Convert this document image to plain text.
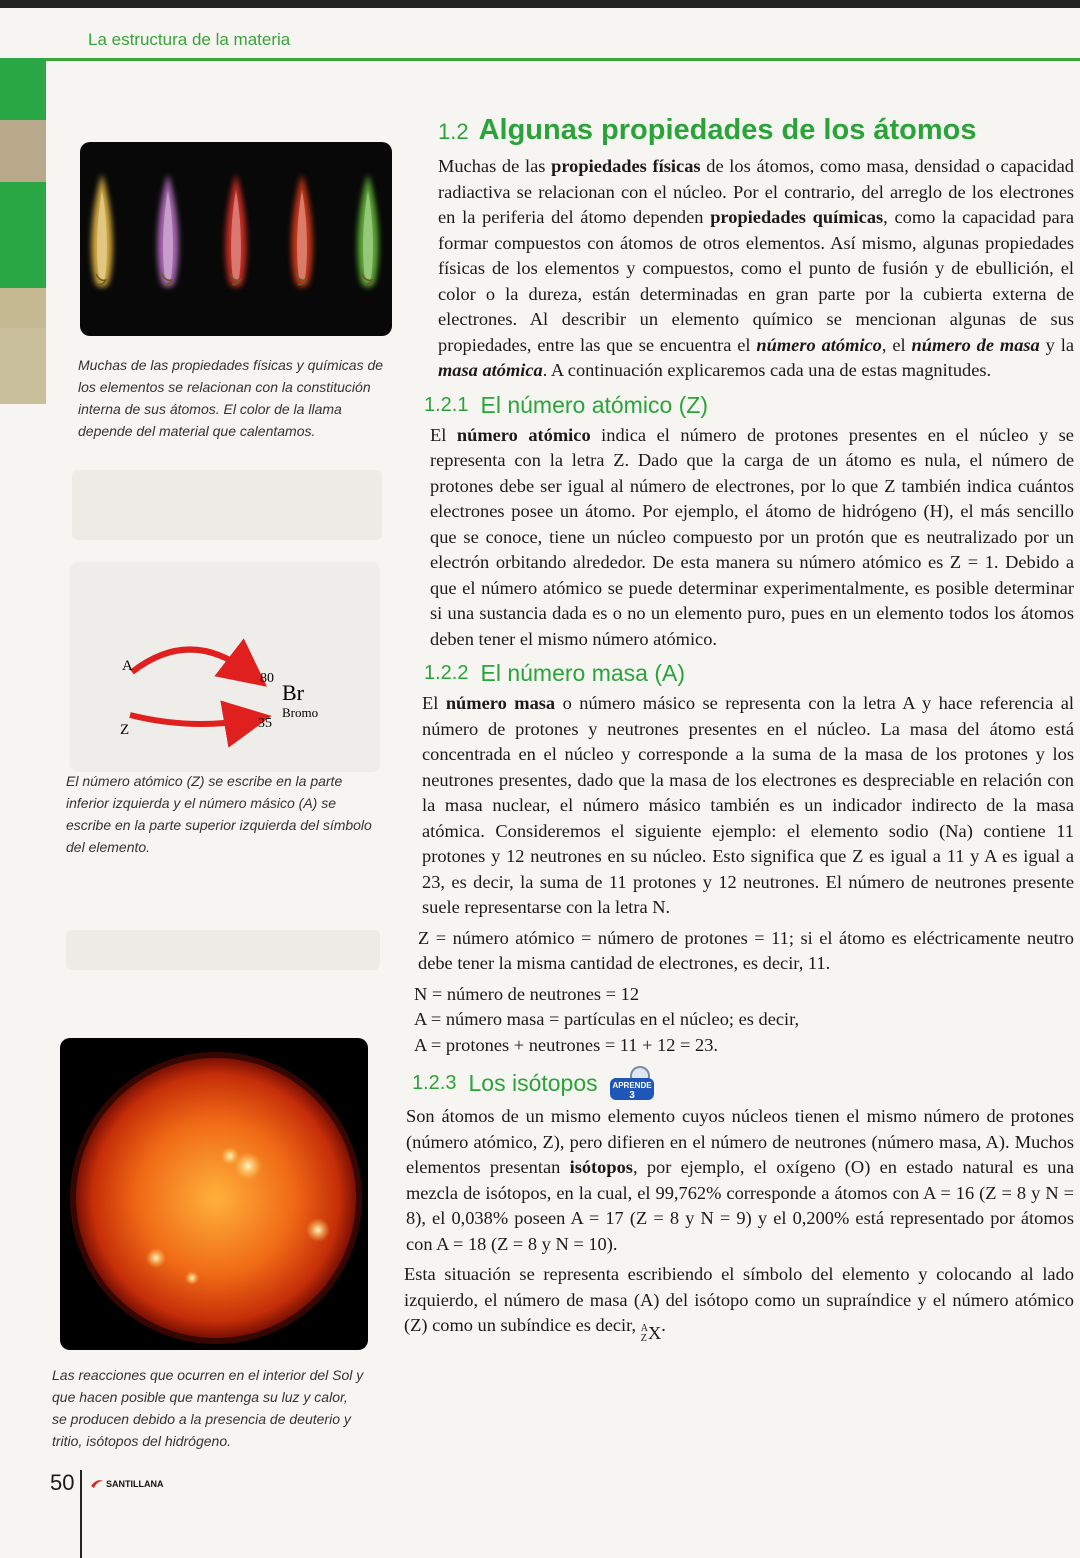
La estructura de la materia
Muchas de las propiedades físicas y químicas de los elementos se relacionan con la constitución interna de sus átomos. El color de la llama depende del material que calentamos.
A
Z
80
35
Br
Bromo
El número atómico (Z) se escribe en la parte inferior izquierda y el número másico (A) se escribe en la parte superior izquierda del símbolo del elemento.
Las reacciones que ocurren en el interior del Sol y que hacen posible que mantenga su luz y calor, se producen debido a la presencia de deuterio y tritio, isótopos del hidrógeno.
50	SANTILLANA
1.2 Algunas propiedades de los átomos

Muchas de las propiedades físicas de los átomos, como masa, densidad o capacidad radiactiva se relacionan con el núcleo. Por el contrario, del arreglo de los electrones en la periferia del átomo dependen propiedades químicas, como la capacidad para formar compuestos con átomos de otros elementos. Así mismo, algunas propiedades físicas de los elementos y compuestos, como el punto de fusión y de ebullición, el color o la dureza, están determinadas en gran parte por la cubierta externa de electrones. Al describir un elemento químico se mencionan algunas de sus propiedades, entre las que se encuentra el número atómico, el número de masa y la masa atómica. A continuación explicaremos cada una de estas magnitudes.

1.2.1 El número atómico (Z)

El número atómico indica el número de protones presentes en el núcleo y se representa con la letra Z. Dado que la carga de un átomo es nula, el número de protones debe ser igual al número de electrones, por lo que Z también indica cuántos electrones posee un átomo. Por ejemplo, el átomo de hidrógeno (H), el más sencillo que se conoce, tiene un núcleo compuesto por un protón que es neutralizado por un electrón orbitando alrededor. De esta manera su número atómico es Z = 1. Debido a que el número atómico se puede determinar experimentalmente, es posible determinar si una sustancia dada es o no un elemento puro, pues en un elemento todos los átomos deben tener el mismo número atómico.

1.2.2 El número masa (A)

El número masa o número másico se representa con la letra A y hace referencia al número de protones y neutrones presentes en el núcleo. La masa del átomo está concentrada en el núcleo y corresponde a la suma de la masa de los protones y los neutrones presentes, dado que la masa de los electrones es despreciable en relación con la masa nuclear, el número másico también es un indicador indirecto de la masa atómica. Consideremos el siguiente ejemplo: el elemento sodio (Na) contiene 11 protones y 12 neutrones en su núcleo. Esto significa que Z es igual a 11 y A es igual a 23, es decir, la suma de 11 protones y 12 neutrones. El número de neutrones presente suele representarse con la letra N.

Z = número atómico = número de protones = 11; si el átomo es eléctricamente neutro debe tener la misma cantidad de electrones, es decir, 11.

N = número de neutrones = 12

A = número masa = partículas en el núcleo; es decir,

A = protones + neutrones = 11 + 12 = 23.

1.2.3 Los isótopos APRENDE
3

Son átomos de un mismo elemento cuyos núcleos tienen el mismo número de protones (número atómico, Z), pero difieren en el número de neutrones (número masa, A). Muchos elementos presentan isótopos, por ejemplo, el oxígeno (O) en estado natural es una mezcla de isótopos, en la cual, el 99,762% corresponde a átomos con A = 16 (Z = 8 y N = 8), el 0,038% poseen A = 17 (Z = 8 y N = 9) y el 0,200% está representado por átomos con A = 18 (Z = 8 y N = 10).

Esta situación se representa escribiendo el símbolo del elemento y colocando al lado izquierdo, el número de masa (A) del isótopo como un supraíndice y el número atómico (Z) como un subíndice es decir, A
Z X .
